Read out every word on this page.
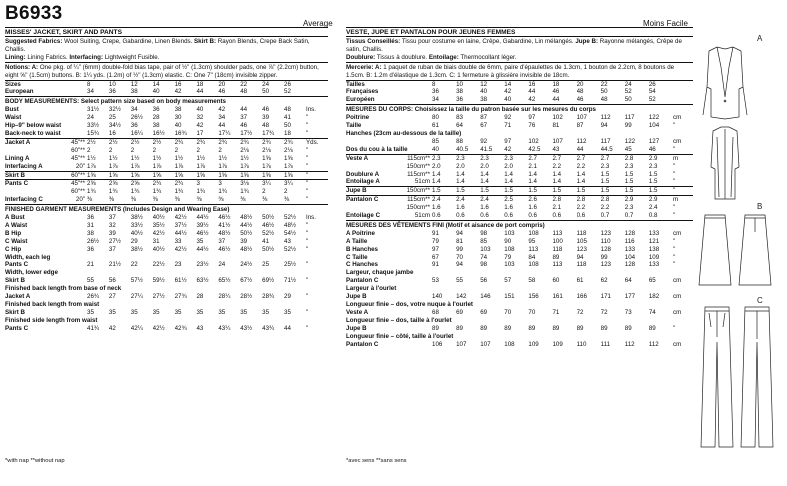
B6933	Average	Moins Facile
MISSES' JACKET, SKIRT AND PANTS
Suggested Fabrics: Wool Suiting, Crepe, Gabardine, Linen Blends. Skirt B: Rayon Blends, Crepe Back Satin, Challis.
Lining: Lining Fabrics. Interfacing: Lightweight Fusible.
Notions: A: One pkg. of ¼" (6mm) double-fold bias tape, pair of ½" (1.3cm) shoulder pads, one ⅞" (2.2cm) button, eight ⅝" (1.5cm) buttons. B: 1¼ yds. (1.2m) of ½" (1.3cm) elastic. C: One 7" (18cm) invisible zipper.
Sizes	8	10	12	14	16	18	20	22	24	26	
European	34	36	38	40	42	44	46	48	50	52	
BODY MEASUREMENTS: Select pattern size based on body measurements
Bust	31½	32½	34	36	38	40	42	44	46	48	Ins.
Waist	24	25	26½	28	30	32	34	37	39	41	"
Hip–9" below waist	33½	34½	36	38	40	42	44	46	48	50	"
Back-neck to waist	15¾	16	16¼	16½	16¾	17	17¼	17½	17¾	18	"
Jacket A	45"**	2½	2½	2½	2½	2¾	2¾	2¾	2¾	2¾	2¾	Yds.
	60"**	2	2	2	2	2	2	2	2⅛	2⅛	2⅛	"
Lining A	45"**	1½	1½	1½	1½	1½	1½	1½	1½	1⅝	1⅝	"
Interfacing A	20"	1⅞	1⅞	1⅞	1⅞	1⅞	1⅞	1⅞	1⅞	1⅞	1⅞	"
Skirt B	60"**	1⅝	1⅝	1⅝	1⅝	1⅝	1⅝	1⅝	1⅝	1⅝	1⅝	"
Pants C	45"**	2⅝	2⅝	2⅝	2¾	2¾	3	3	3⅛	3¼	3¼	"
	60"**	1¾	1¾	1¾	1¾	1¾	1¾	1¾	1¾	2	2	"
Interfacing C	20"	⅜	⅜	⅜	⅜	⅜	⅜	⅜	⅜	⅜	⅜	"
FINISHED GARMENT MEASUREMENTS (Includes Design and Wearing Ease)
A Bust	36	37	38½	40½	42½	44½	46½	48½	50½	52½	Ins.
A Waist	31	32	33½	35½	37½	39½	41½	44½	46½	48½	"
B Hip	38	39	40½	42½	44½	46½	48½	50½	52½	54½	"
C Waist	26½	27½	29	31	33	35	37	39	41	43	"
C Hip	36	37	38½	40½	42½	44½	46½	48½	50½	52½	"
Width, each leg											
Pants C	21	21½	22	22½	23	23½	24	24½	25	25½	"
Width, lower edge											
Skirt B	55	56	57½	59½	61½	63½	65½	67½	69½	71½	"
Finished back length from base of neck											
Jacket A	26¾	27	27¼	27½	27¾	28	28¼	28½	28¾	29	"
Finished back length from waist											
Skirt B	35	35	35	35	35	35	35	35	35	35	"
Finished side length from waist											
Pants C	41¾	42	42¼	42½	42¾	43	43¼	43½	43¾	44	"
VESTE, JUPE ET PANTALON POUR JEUNES FEMMES
Tissus Conseillés: Tissu pour costume en laine, Crêpe, Gabardine, Lin mélangés. Jupe B: Rayonne mélangés, Crêpe de satin, Challis.
Doublure: Tissus à doublure. Entoilage: Thermocollant léger.
Mercerie: A: 1 paquet de ruban de biais double de 6mm, paire d'épaulettes de 1.3cm, 1 bouton de 2.2cm, 8 boutons de 1.5cm. B: 1.2m d'élastique de 1.3cm. C: 1 fermeture à glissière invisible de 18cm.
Tailles	8	10	12	14	16	18	20	22	24	26	
Françaises	36	38	40	42	44	46	48	50	52	54	
Européen	34	36	38	40	42	44	46	48	50	52	
MESURES DU CORPS: Choisissez la taille du patron basée sur les mesures du corps
Poitrine	80	83	87	92	97	102	107	112	117	122	cm
Taille	61	64	67	71	76	81	87	94	99	104	"
Hanches (23cm au-dessous de la taille)											
	85	88	92	97	102	107	112	117	122	127	cm
Dos du cou à la taille	40	40.5	41.5	42	42.5	43	44	44.5	45	46	"
Veste A	115cm**	2.3	2.3	2.3	2.3	2.7	2.7	2.7	2.7	2.8	2.9	m
	150cm**	2.0	2.0	2.0	2.0	2.1	2.2	2.2	2.3	2.3	2.3	"
Doublure A	115cm**	1.4	1.4	1.4	1.4	1.4	1.4	1.4	1.5	1.5	1.5	"
Entoilage A	51cm	1.4	1.4	1.4	1.4	1.4	1.4	1.4	1.5	1.5	1.5	"
Jupe B	150cm**	1.5	1.5	1.5	1.5	1.5	1.5	1.5	1.5	1.5	1.5	"
Pantalon C	115cm**	2.4	2.4	2.4	2.5	2.6	2.8	2.8	2.8	2.9	2.9	m
	150cm**	1.6	1.6	1.6	1.6	1.6	2.1	2.2	2.2	2.3	2.4	"
Entoilage C	51cm	0.6	0.6	0.6	0.6	0.6	0.6	0.6	0.7	0.7	0.8	"
MESURES DES VÊTEMENTS FINI (Motif et aisance de port compris)
A Poitrine	91	94	98	103	108	113	118	123	128	133	cm
A Taille	79	81	85	90	95	100	105	110	116	121	"
B Hanches	97	99	103	108	113	118	123	128	133	138	"
C Taille	67	70	74	79	84	89	94	99	104	109	"
C Hanches	91	94	98	103	108	113	118	123	128	133	"
Largeur, chaque jambe											
Pantalon C	53	55	56	57	58	60	61	62	64	65	cm
Largeur à l'ourlet											
Jupe B	140	142	146	151	156	161	166	171	177	182	cm
Longueur finie – dos, votre nuque à l'ourlet											
Veste A	68	69	69	70	70	71	72	72	73	74	cm
Longueur finie – dos, taille à l'ourlet											
Jupe B	89	89	89	89	89	89	89	89	89	89	"
Longueur finie – côté, taille à l'ourlet											
Pantalon C	106	107	107	108	109	109	110	111	112	112	cm
*with nap **without nap	*avec sens **sans sens
A
B
C
